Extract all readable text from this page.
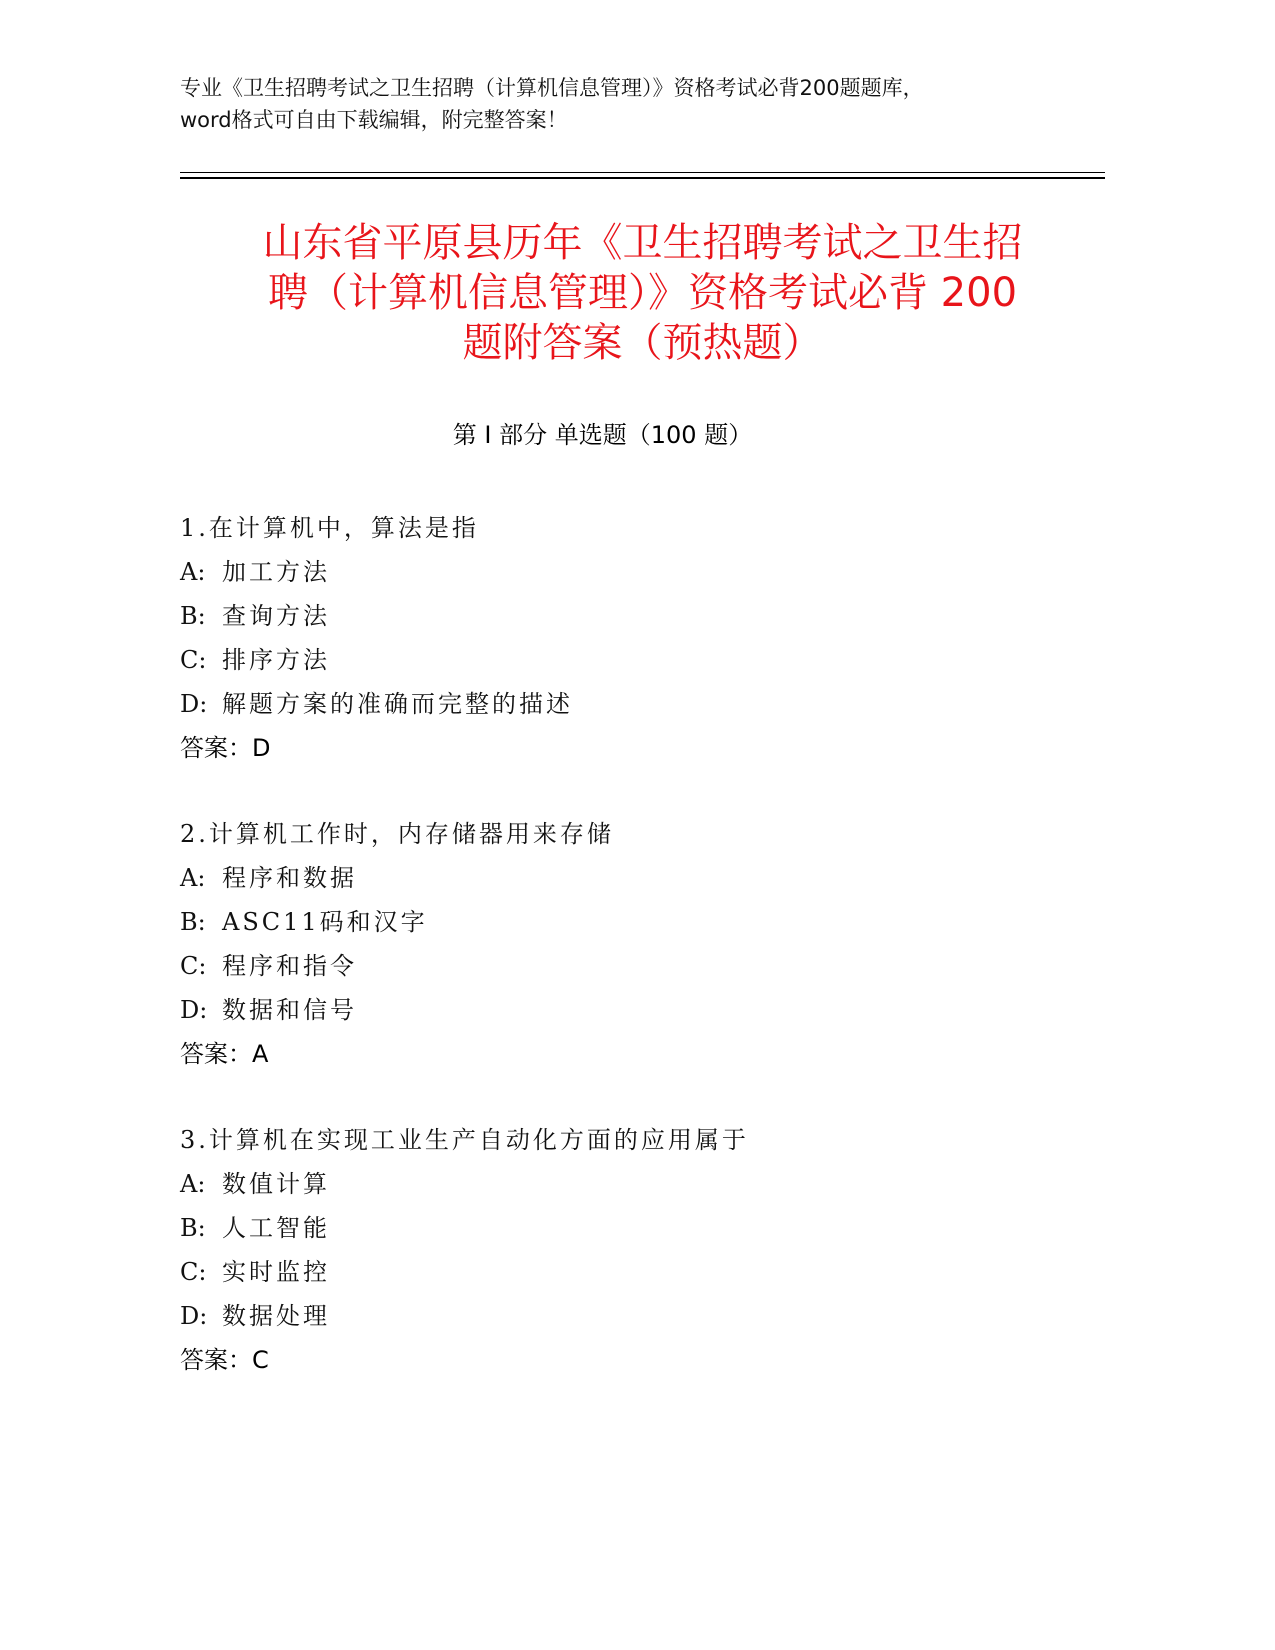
专业《卫生招聘考试之卫生招聘（计算机信息管理）》资格考试必背200题题库，
word格式可自由下载编辑，附完整答案！
山东省平原县历年《卫生招聘考试之卫生招
聘（计算机信息管理）》资格考试必背 200
题附答案（预热题）
第 I 部分 单选题（100 题）
1.在计算机中，算法是指
A: 加工方法
B: 查询方法
C: 排序方法
D: 解题方案的准确而完整的描述
答案：D
2.计算机工作时，内存储器用来存储
A: 程序和数据
B: ASC11码和汉字
C: 程序和指令
D: 数据和信号
答案：A
3.计算机在实现工业生产自动化方面的应用属于
A: 数值计算
B: 人工智能
C: 实时监控
D: 数据处理
答案：C
